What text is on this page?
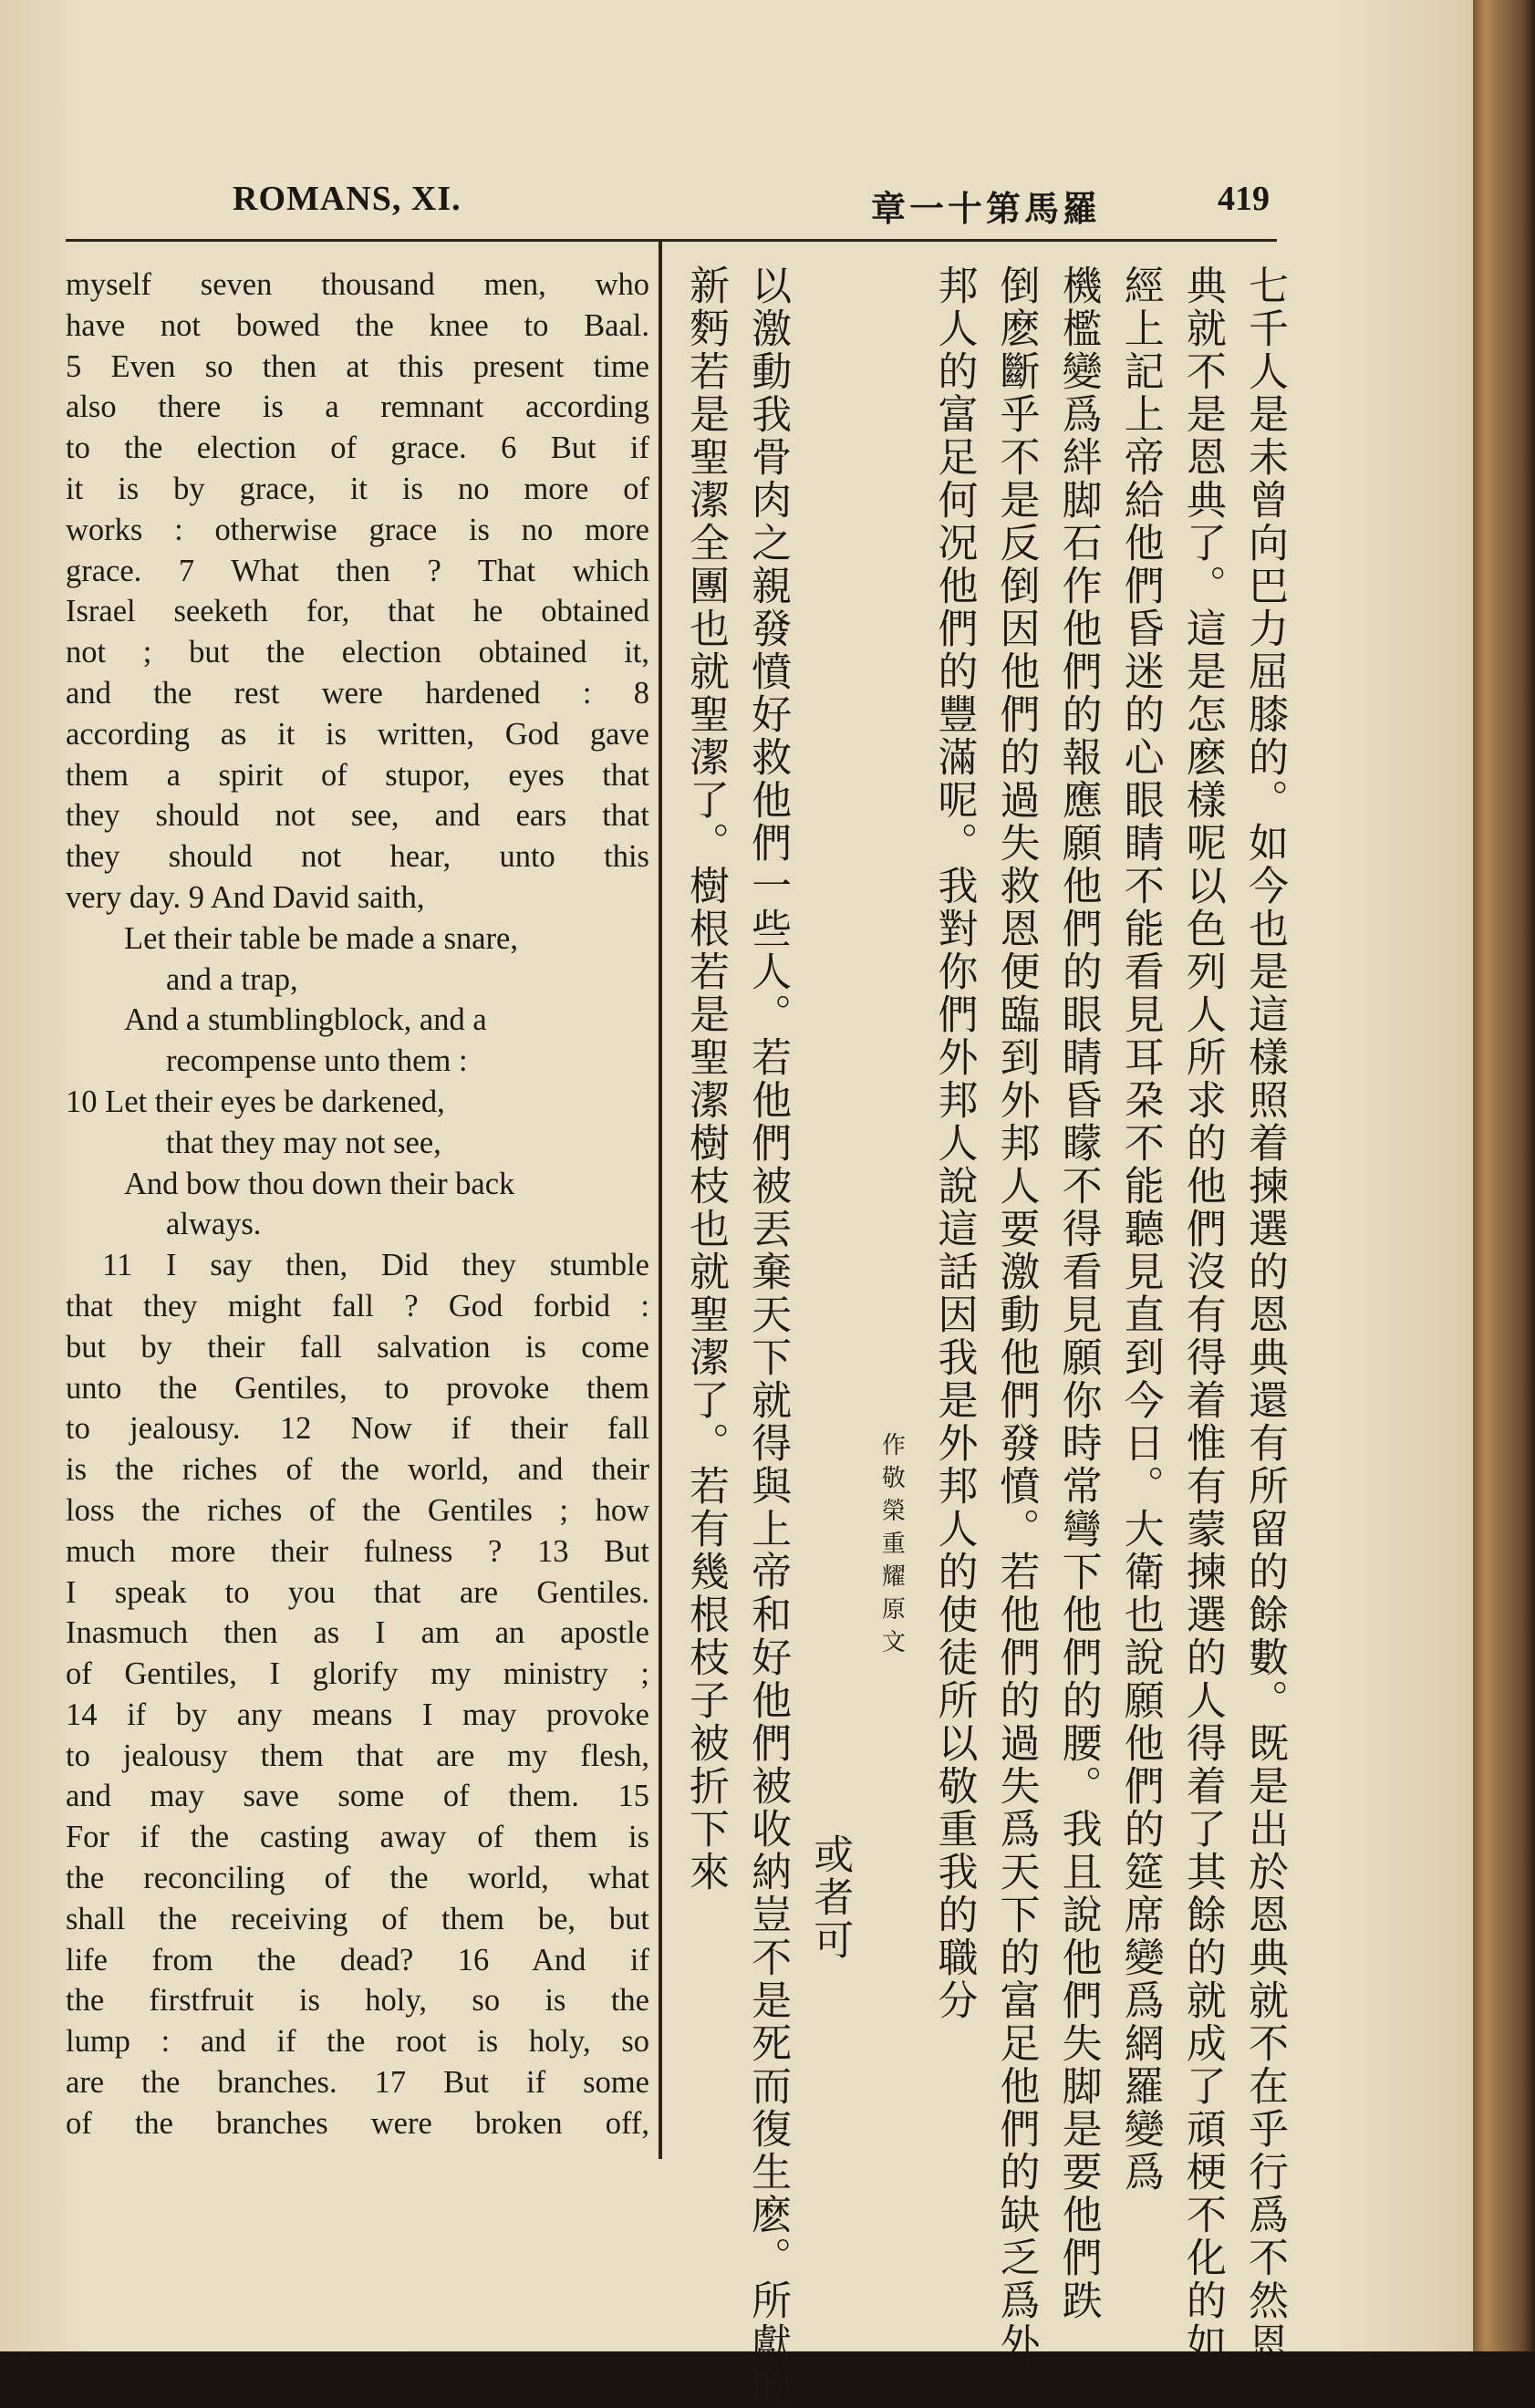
ROMANS, XI.	章一十第馬羅	419
myself seven thousand men, who
have not bowed the knee to Baal.
5 Even so then at this present time
also there is a remnant according
to the election of grace. 6 But if
it is by grace, it is no more of
works : otherwise grace is no more
grace. 7 What then ? That which
Israel seeketh for, that he obtained
not ; but the election obtained it,
and the rest were hardened : 8
according as it is written, God gave
them a spirit of stupor, eyes that
they should not see, and ears that
they should not hear, unto this
very day. 9 And David saith,
Let their table be made a snare,
and a trap,
And a stumblingblock, and a
recompense unto them :
10 Let their eyes be darkened,
that they may not see,
And bow thou down their back
always.
11 I say then, Did they stumble
that they might fall ? God forbid :
but by their fall salvation is come
unto the Gentiles, to provoke them
to jealousy. 12 Now if their fall
is the riches of the world, and their
loss the riches of the Gentiles ; how
much more their fulness ? 13 But
I speak to you that are Gentiles.
Inasmuch then as I am an apostle
of Gentiles, I glorify my ministry ;
14 if by any means I may provoke
to jealousy them that are my flesh,
and may save some of them. 15
For if the casting away of them is
the reconciling of the world, what
shall the receiving of them be, but
life from the dead? 16 And if
the firstfruit is holy, so is the
lump : and if the root is holy, so
are the branches. 17 But if some
of the branches were broken off,	七千人是未曾向巴力屈膝的。如今也是這樣照着揀選的恩典還有所留的餘數。既是出於恩典就不在乎行爲不然恩
典就不是恩典了。這是怎麽樣呢以色列人所求的他們沒有得着惟有蒙揀選的人得着了其餘的就成了頑梗不化的如
經上記上帝給他們昏迷的心眼睛不能看見耳朶不能聽見直到今日。大衛也說願他們的筵席變爲網羅變爲
機檻變爲絆脚石作他們的報應願他們的眼睛昏矇不得看見願你時常彎下他們的腰。我且說他們失脚是要他們跌
倒麽斷乎不是反倒因他們的過失救恩便臨到外邦人要激動他們發憤。若他們的過失爲天下的富足他們的缺乏爲外
邦人的富足何况他們的豐滿呢。我對你們外邦人說這話因我是外邦人的使徒所以敬重我的職分
作敬榮重耀原文
或者可
以激動我骨肉之親發憤好救他們一些人。若他們被丟棄天下就得與上帝和好他們被收納豈不是死而復生麽。所獻的
新麪若是聖潔全團也就聖潔了。樹根若是聖潔樹枝也就聖潔了。若有幾根枝子被折下來
